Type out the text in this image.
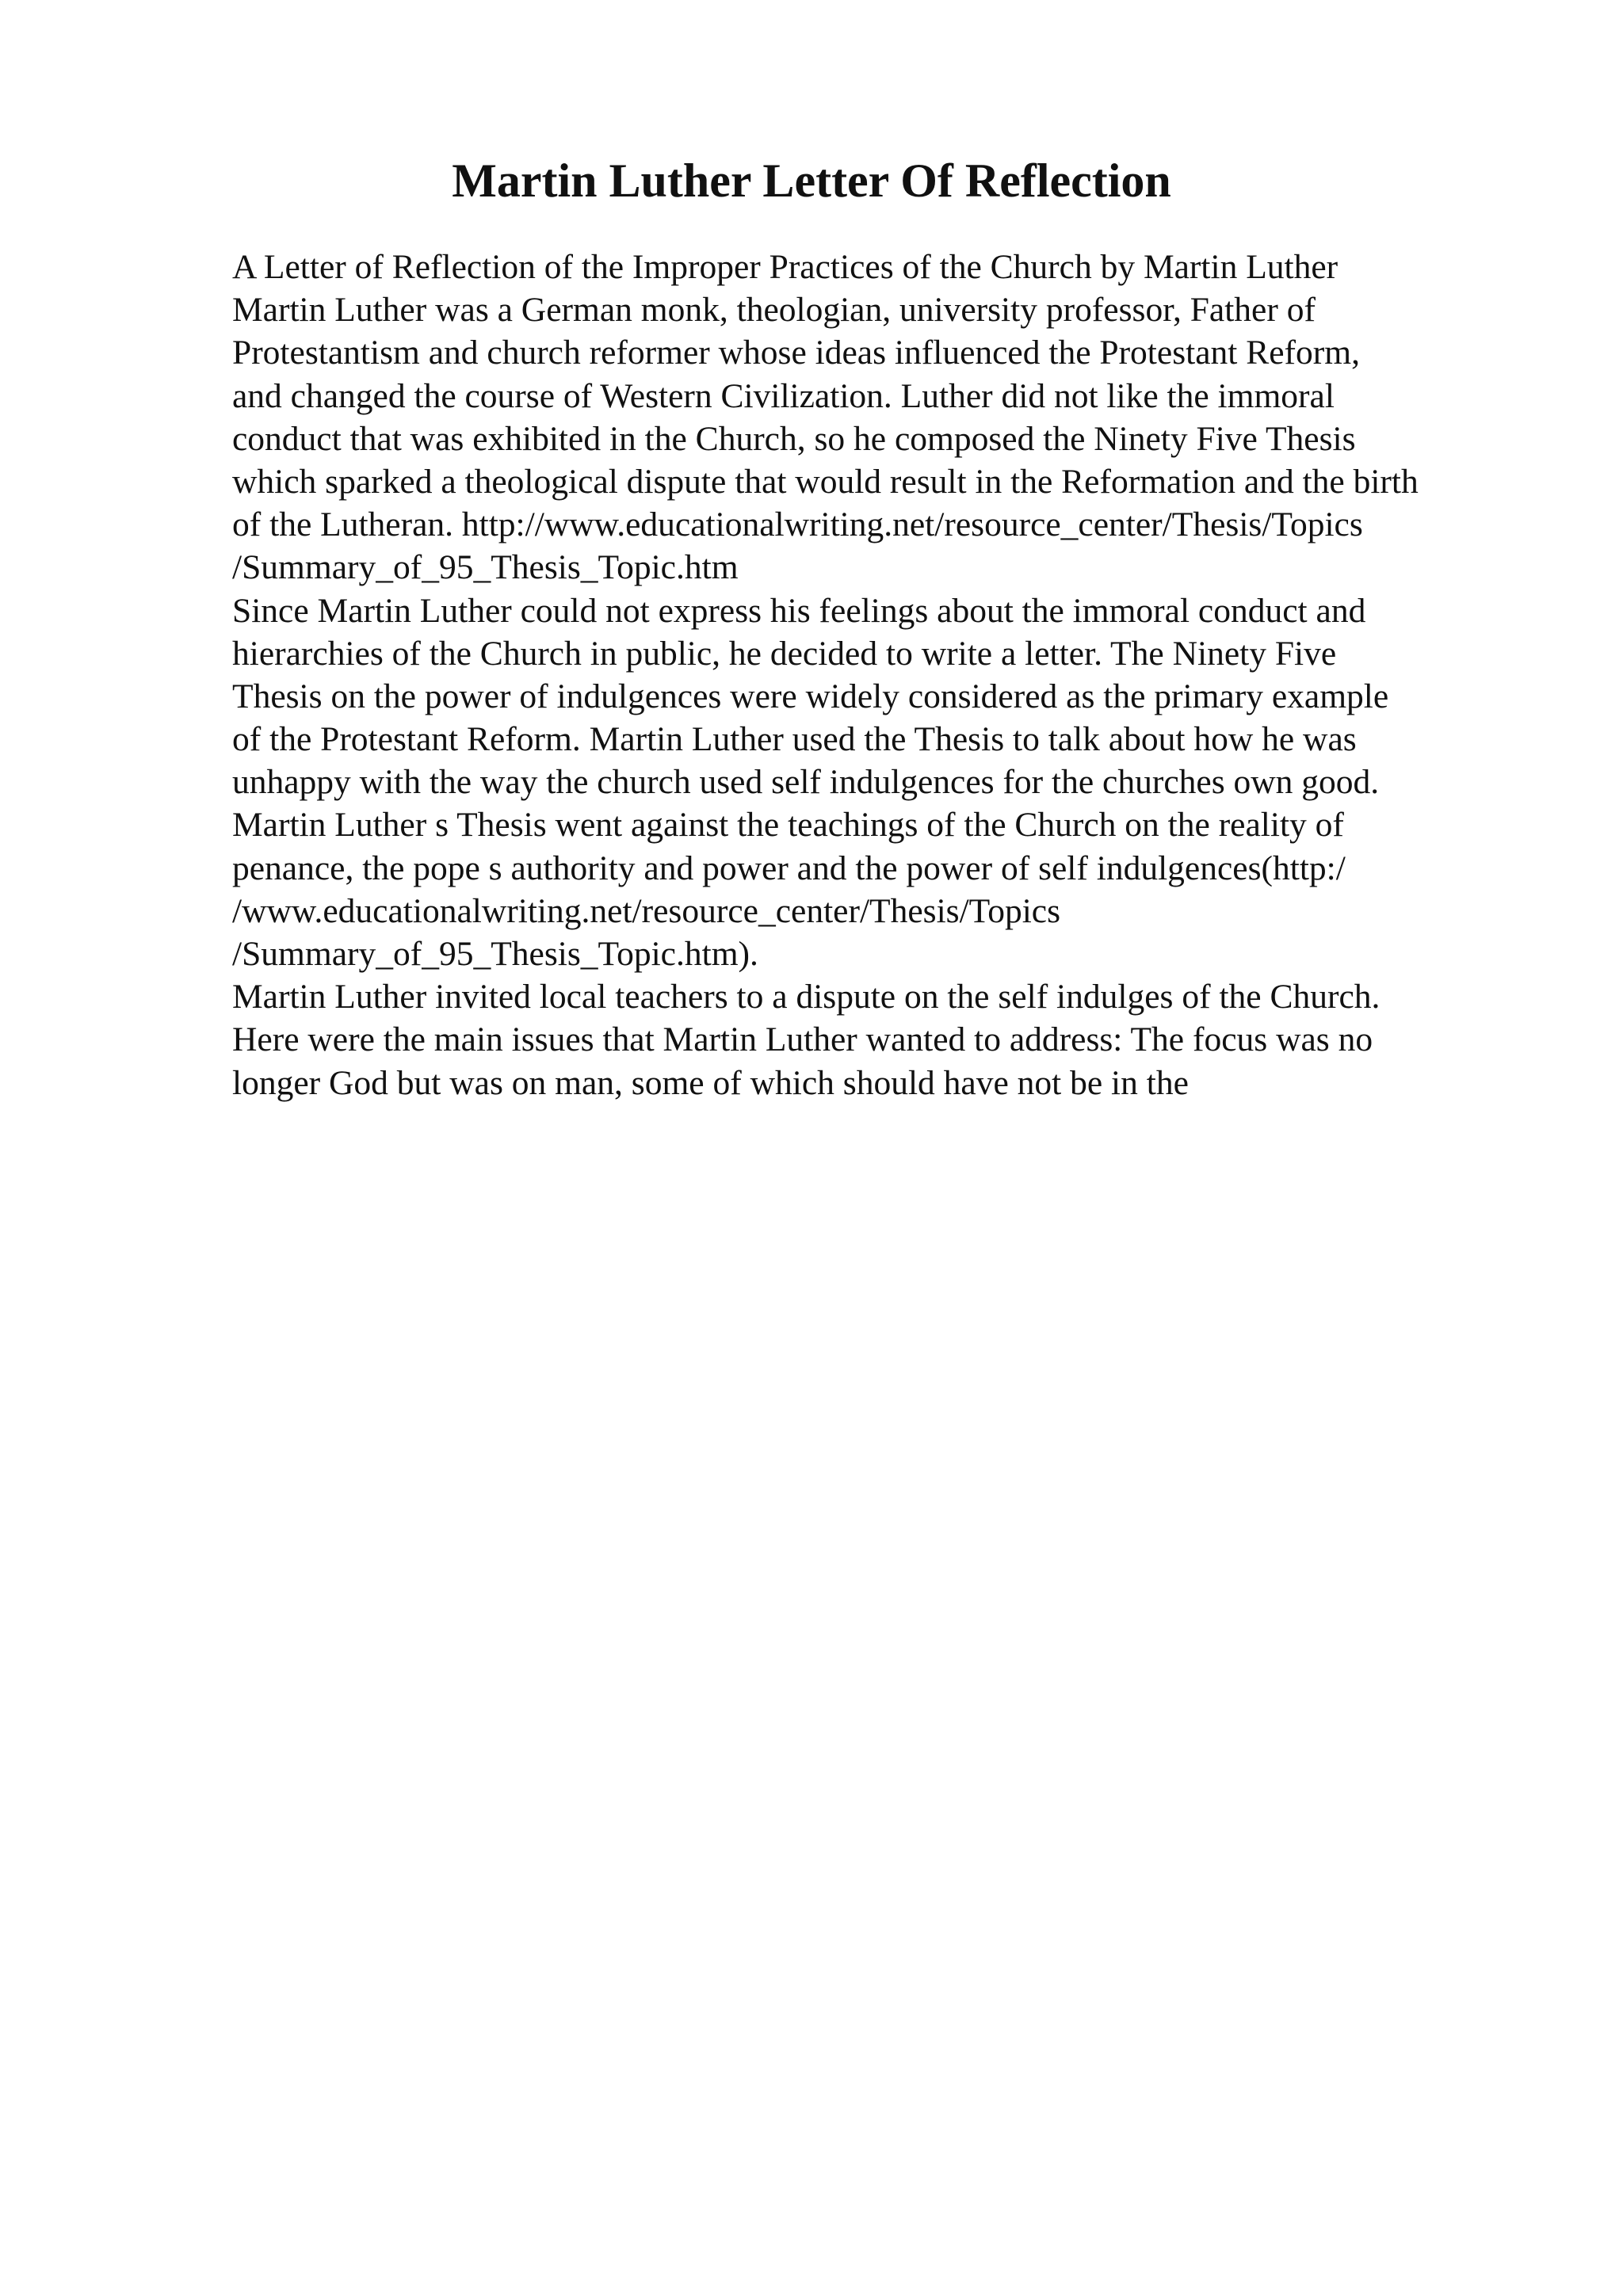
Martin Luther Letter Of Reflection
A Letter of Reflection of the Improper Practices of the Church by Martin Luther
Martin Luther was a German monk, theologian, university professor, Father of
Protestantism and church reformer whose ideas influenced the Protestant Reform,
and changed the course of Western Civilization. Luther did not like the immoral
conduct that was exhibited in the Church, so he composed the Ninety Five Thesis
which sparked a theological dispute that would result in the Reformation and the birth
of the Lutheran. http://www.educationalwriting.net/resource_center/Thesis/Topics
/Summary_of_95_Thesis_Topic.htm
Since Martin Luther could not express his feelings about the immoral conduct and
hierarchies of the Church in public, he decided to write a letter. The Ninety Five
Thesis on the power of indulgences were widely considered as the primary example
of the Protestant Reform. Martin Luther used the Thesis to talk about how he was
unhappy with the way the church used self indulgences for the churches own good.
Martin Luther s Thesis went against the teachings of the Church on the reality of
penance, the pope s authority and power and the power of self indulgences(http:/
/www.educationalwriting.net/resource_center/Thesis/Topics
/Summary_of_95_Thesis_Topic.htm).
Martin Luther invited local teachers to a dispute on the self indulges of the Church.
Here were the main issues that Martin Luther wanted to address: The focus was no
longer God but was on man, some of which should have not be in the
